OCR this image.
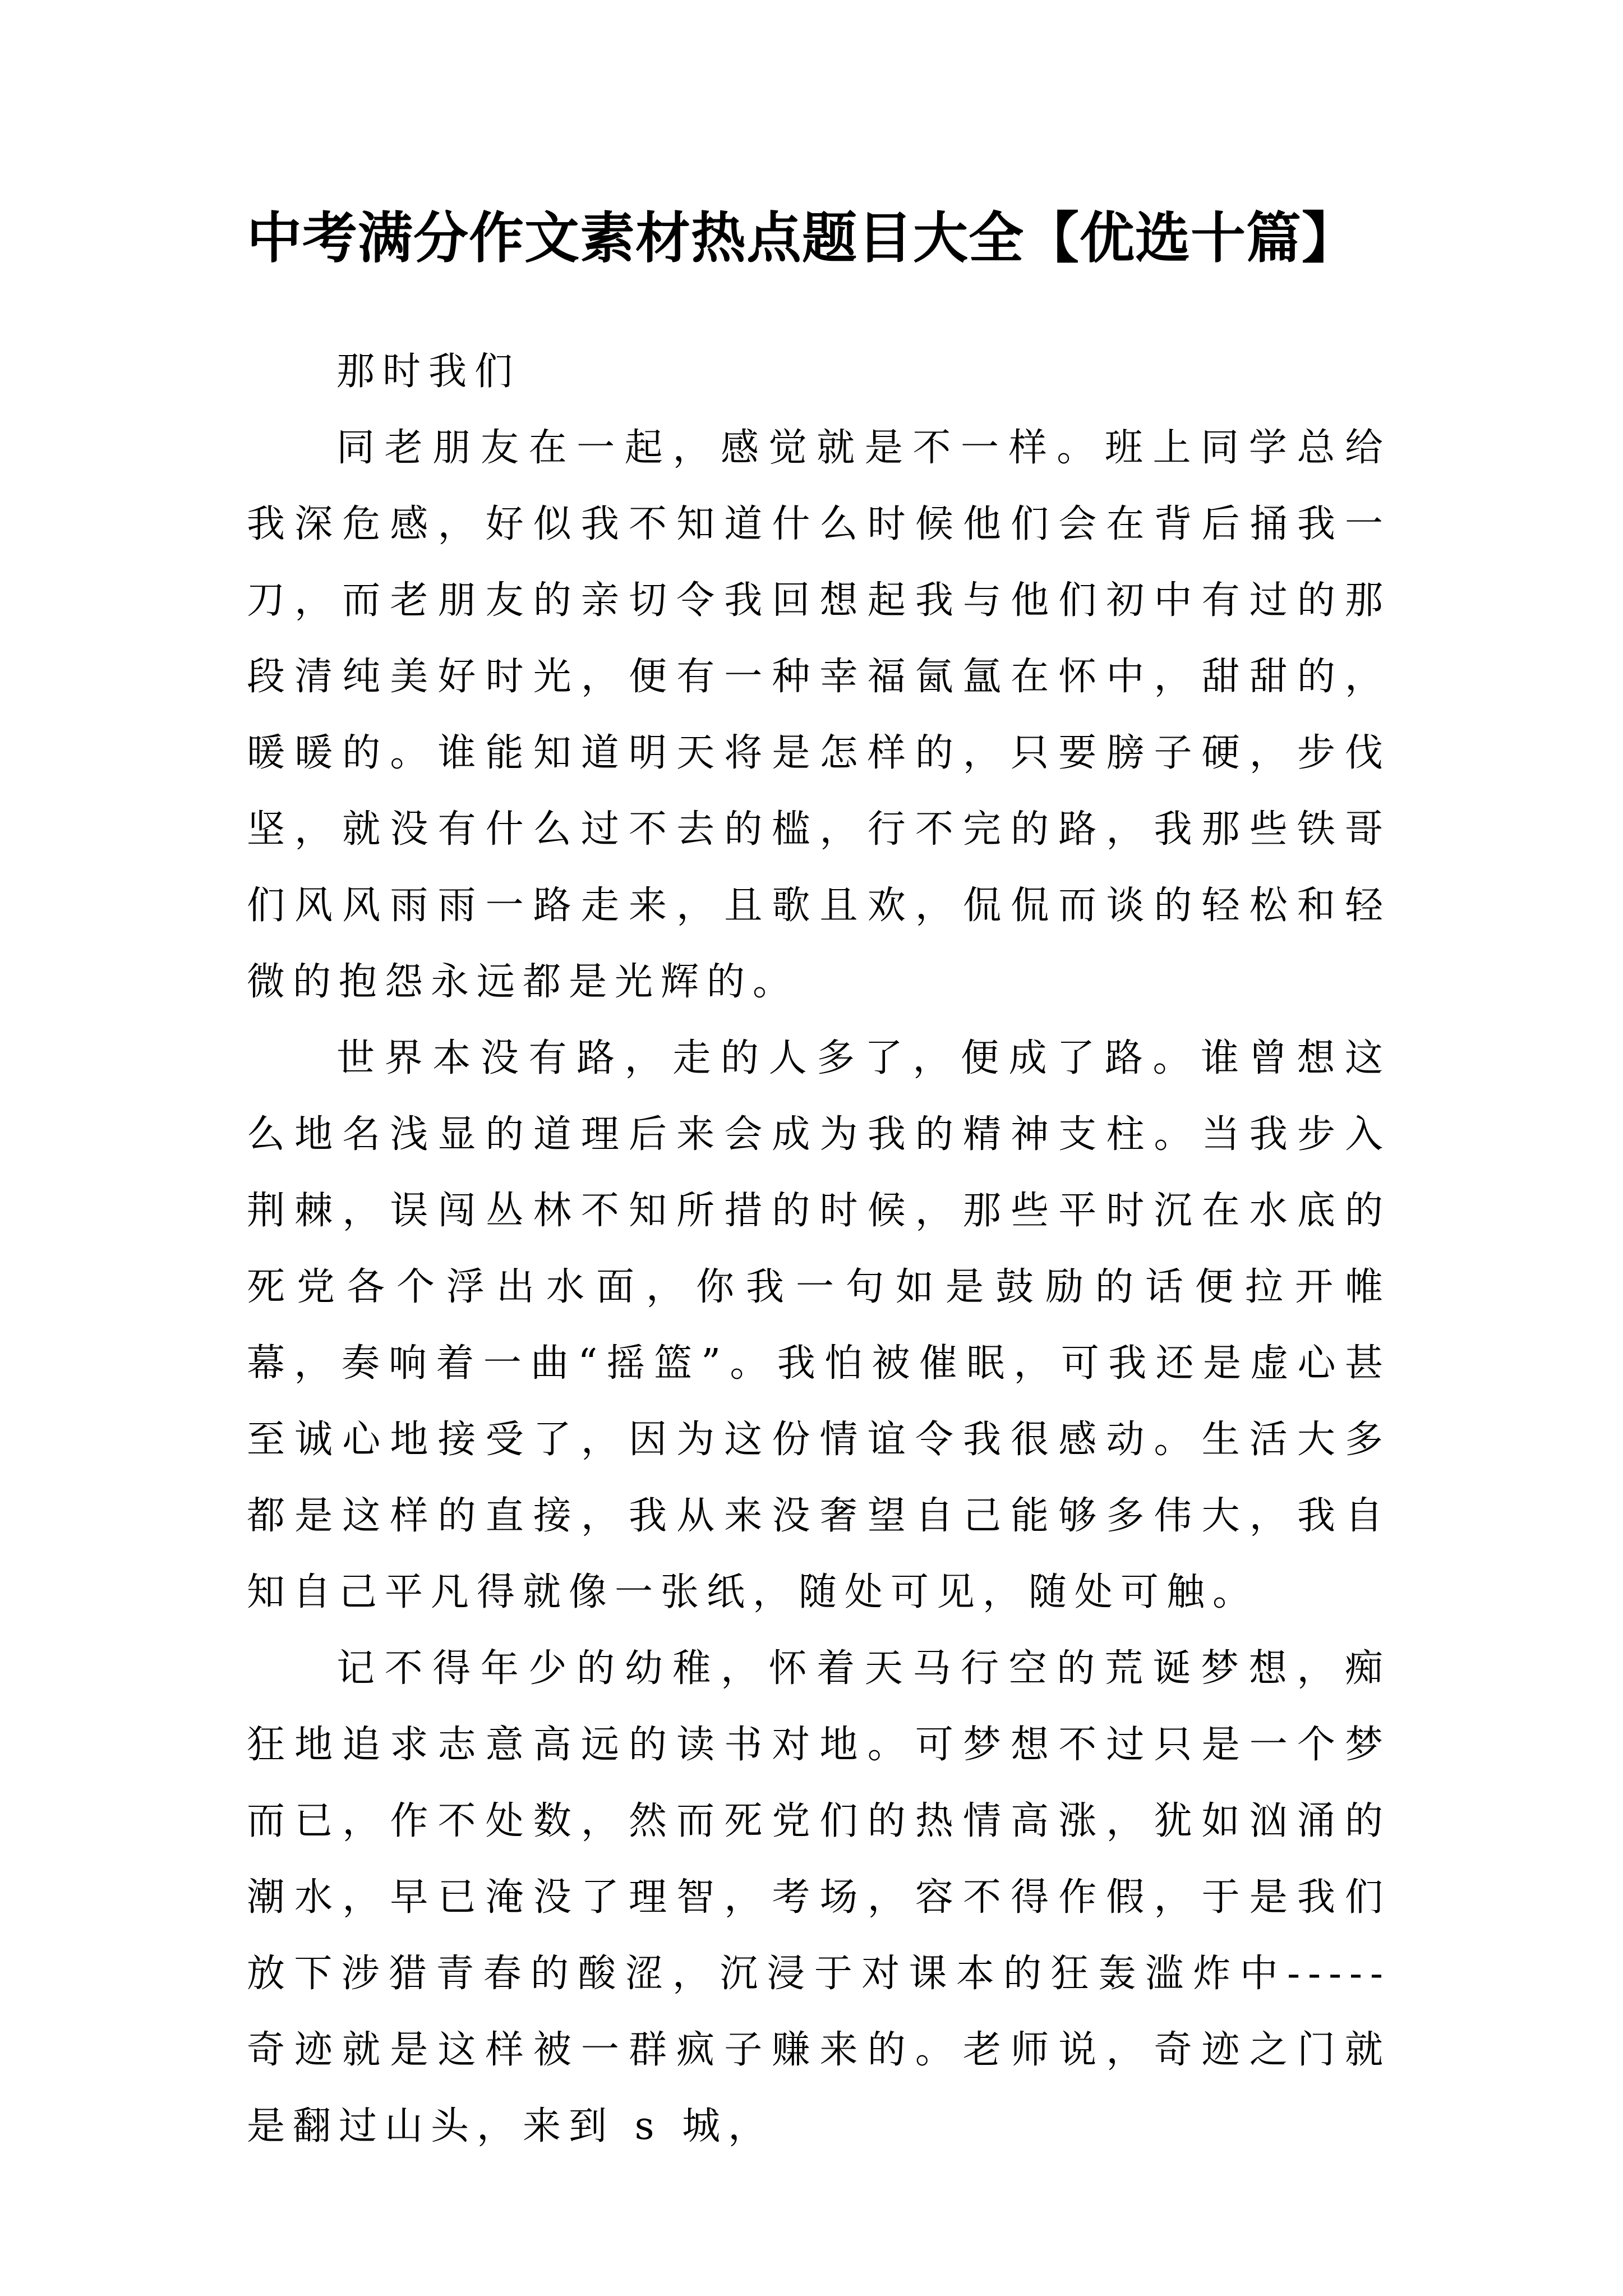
中考满分作文素材热点题目大全【优选十篇】

那时我们

同老朋友在一起，感觉就是不一样。班上同学总给我深危感，好似我不知道什么时候他们会在背后捅我一刀，而老朋友的亲切令我回想起我与他们初中有过的那段清纯美好时光，便有一种幸福氤氲在怀中，甜甜的，暖暖的。谁能知道明天将是怎样的，只要膀子硬，步伐坚，就没有什么过不去的槛，行不完的路，我那些铁哥们风风雨雨一路走来，且歌且欢，侃侃而谈的轻松和轻微的抱怨永远都是光辉的。

世界本没有路，走的人多了，便成了路。谁曾想这么地名浅显的道理后来会成为我的精神支柱。当我步入荆棘，误闯丛林不知所措的时候，那些平时沉在水底的死党各个浮出水面，你我一句如是鼓励的话便拉开帷幕，奏响着一曲“摇篮”。我怕被催眠，可我还是虚心甚至诚心地接受了，因为这份情谊令我很感动。生活大多都是这样的直接，我从来没奢望自己能够多伟大，我自知自己平凡得就像一张纸，随处可见，随处可触。

记不得年少的幼稚，怀着天马行空的荒诞梦想，痴狂地追求志意高远的读书对地。可梦想不过只是一个梦而已，作不处数，然而死党们的热情高涨，犹如汹涌的潮水，早已淹没了理智，考场，容不得作假，于是我们放下涉猎青春的酸涩，沉浸于对课本的狂轰滥炸中-----奇迹就是这样被一群疯子赚来的。老师说，奇迹之门就是翻过山头，来到 s 城，
